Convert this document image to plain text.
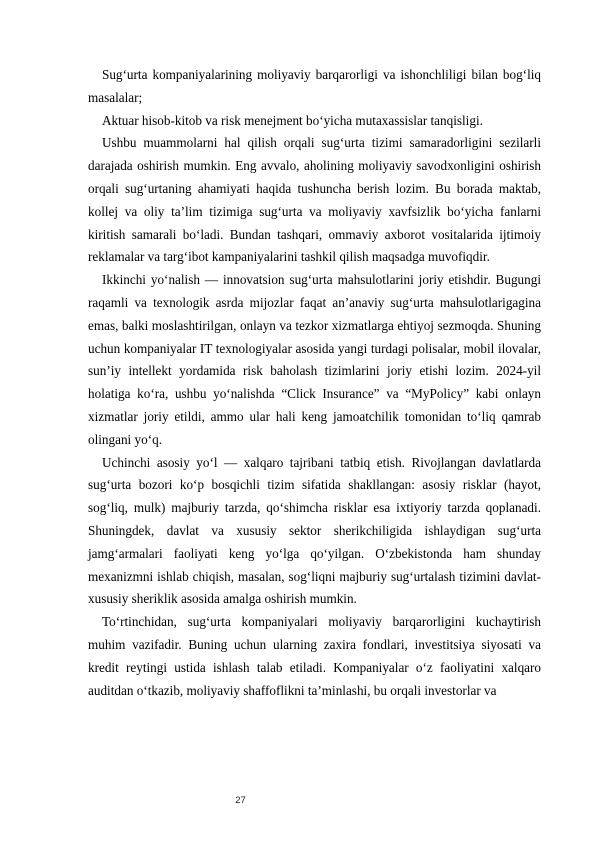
Sug‘urta kompaniyalarining moliyaviy barqarorligi va ishonchliligi bilan bog‘liq masalalar;

Aktuar hisob-kitob va risk menejment bo‘yicha mutaxassislar tanqisligi.

Ushbu muammolarni hal qilish orqali sug‘urta tizimi samaradorligini sezilarli darajada oshirish mumkin. Eng avvalo, aholining moliyaviy savodxonligini oshirish orqali sug‘urtaning ahamiyati haqida tushuncha berish lozim. Bu borada maktab, kollej va oliy ta’lim tizimiga sug‘urta va moliyaviy xavfsizlik bo‘yicha fanlarni kiritish samarali bo‘ladi. Bundan tashqari, ommaviy axborot vositalarida ijtimoiy reklamalar va targ‘ibot kampaniyalarini tashkil qilish maqsadga muvofiqdir.

Ikkinchi yo‘nalish — innovatsion sug‘urta mahsulotlarini joriy etishdir. Bugungi raqamli va texnologik asrda mijozlar faqat an’anaviy sug‘urta mahsulotlarigagina emas, balki moslashtirilgan, onlayn va tezkor xizmatlarga ehtiyoj sezmoqda. Shuning uchun kompaniyalar IT texnologiyalar asosida yangi turdagi polisalar, mobil ilovalar, sun’iy intellekt yordamida risk baholash tizimlarini joriy etishi lozim. 2024-yil holatiga ko‘ra, ushbu yo‘nalishda “Click Insurance” va “MyPolicy” kabi onlayn xizmatlar joriy etildi, ammo ular hali keng jamoatchilik tomonidan to‘liq qamrab olingani yo‘q.

Uchinchi asosiy yo‘l — xalqaro tajribani tatbiq etish. Rivojlangan davlatlarda sug‘urta bozori ko‘p bosqichli tizim sifatida shakllangan: asosiy risklar (hayot, sog‘liq, mulk) majburiy tarzda, qo‘shimcha risklar esa ixtiyoriy tarzda qoplanadi. Shuningdek, davlat va xususiy sektor sherikchiligida ishlaydigan sug‘urta jamg‘armalari faoliyati keng yo‘lga qo‘yilgan. O‘zbekistonda ham shunday mexanizmni ishlab chiqish, masalan, sog‘liqni majburiy sug‘urtalash tizimini davlat-xususiy sheriklik asosida amalga oshirish mumkin.

To‘rtinchidan, sug‘urta kompaniyalari moliyaviy barqarorligini kuchaytirish muhim vazifadir. Buning uchun ularning zaxira fondlari, investitsiya siyosati va kredit reytingi ustida ishlash talab etiladi. Kompaniyalar o‘z faoliyatini xalqaro auditdan o‘tkazib, moliyaviy shaffoflikni ta’minlashi, bu orqali investorlar va

27
